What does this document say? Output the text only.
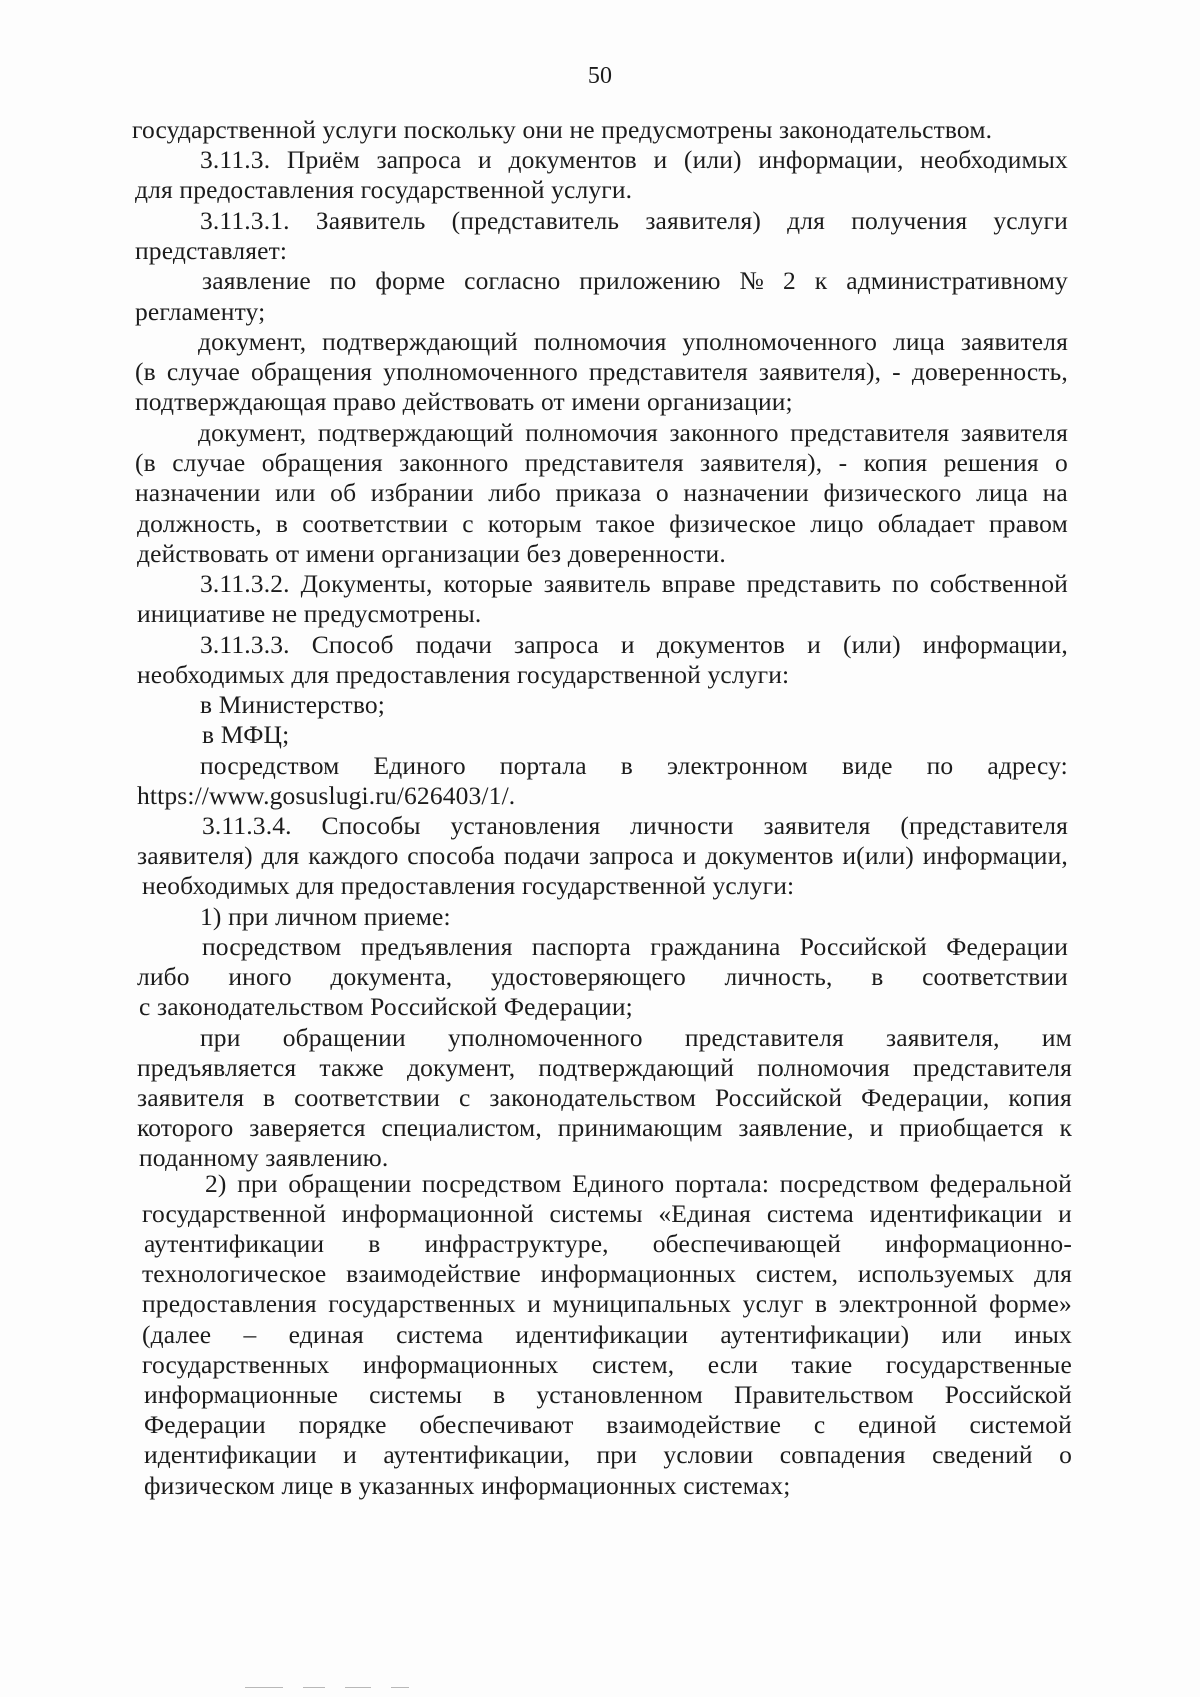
50
государственной услуги поскольку они не предусмотрены законодательством.
3.11.3. Приём запроса и документов и (или) информации, необходимых
для предоставления государственной услуги.
3.11.3.1. Заявитель (представитель заявителя) для получения услуги
представляет:
заявление по форме согласно приложению № 2 к административному
регламенту;
документ, подтверждающий полномочия уполномоченного лица заявителя
(в случае обращения уполномоченного представителя заявителя), - доверенность,
подтверждающая право действовать от имени организации;
документ, подтверждающий полномочия законного представителя заявителя
(в случае обращения законного представителя заявителя), - копия решения о
назначении или об избрании либо приказа о назначении физического лица на
должность, в соответствии с которым такое физическое лицо обладает правом
действовать от имени организации без доверенности.
3.11.3.2. Документы, которые заявитель вправе представить по собственной
инициативе не предусмотрены.
3.11.3.3. Способ подачи запроса и документов и (или) информации,
необходимых для предоставления государственной услуги:
в Министерство;
в МФЦ;
посредством Единого портала в электронном виде по адресу:
https://www.gosuslugi.ru/626403/1/.
3.11.3.4. Способы установления личности заявителя (представителя
заявителя) для каждого способа подачи запроса и документов и(или) информации,
необходимых для предоставления государственной услуги:
1) при личном приеме:
посредством предъявления паспорта гражданина Российской Федерации
либо иного документа, удостоверяющего личность, в соответствии
с законодательством Российской Федерации;
при обращении уполномоченного представителя заявителя, им
предъявляется также документ, подтверждающий полномочия представителя
заявителя в соответствии с законодательством Российской Федерации, копия
которого заверяется специалистом, принимающим заявление, и приобщается к
поданному заявлению.
2) при обращении посредством Единого портала: посредством федеральной
государственной информационной системы «Единая система идентификации и
аутентификации в инфраструктуре, обеспечивающей информационно-
технологическое взаимодействие информационных систем, используемых для
предоставления государственных и муниципальных услуг в электронной форме»
(далее – единая система идентификации аутентификации) или иных
государственных информационных систем, если такие государственные
информационные системы в установленном Правительством Российской
Федерации порядке обеспечивают взаимодействие с единой системой
идентификации и аутентификации, при условии совпадения сведений о
физическом лице в указанных информационных системах;
